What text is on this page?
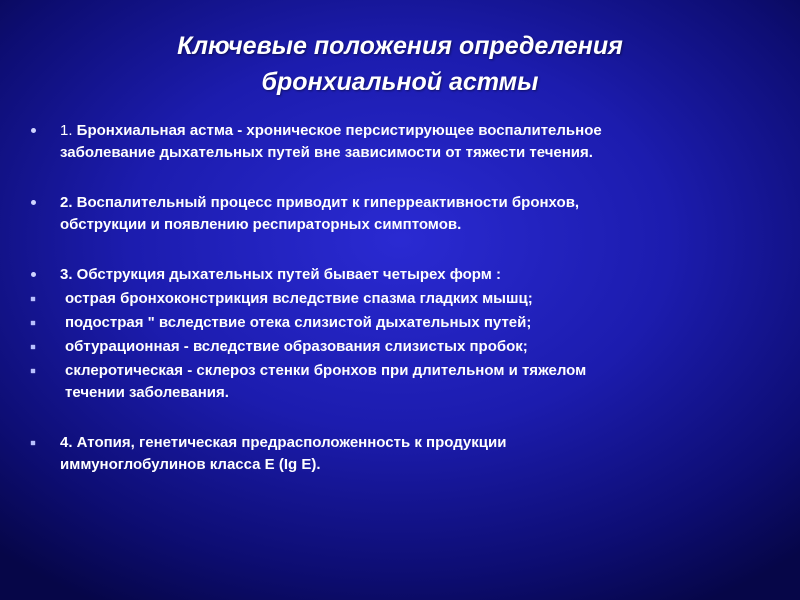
Ключевые положения определения
бронхиальной астмы
1. Бронхиальная астма - хроническое персистирующее воспалительное
заболевание дыхательных путей вне зависимости от тяжести течения.
2. Воспалительный процесс приводит к гиперреактивности бронхов,
обструкции и появлению респираторных симптомов.
3. Обструкция дыхательных путей бывает четырех форм :
острая бронхоконстрикция вследствие спазма гладких мышц;
подострая " вследствие отека слизистой дыхательных путей;
обтурационная - вследствие образования слизистых пробок;
склеротическая - склероз стенки бронхов при длительном и тяжелом
течении заболевания.
4. Атопия, генетическая предрасположенность к продукции
иммуноглобулинов класса Е (Ig E).
